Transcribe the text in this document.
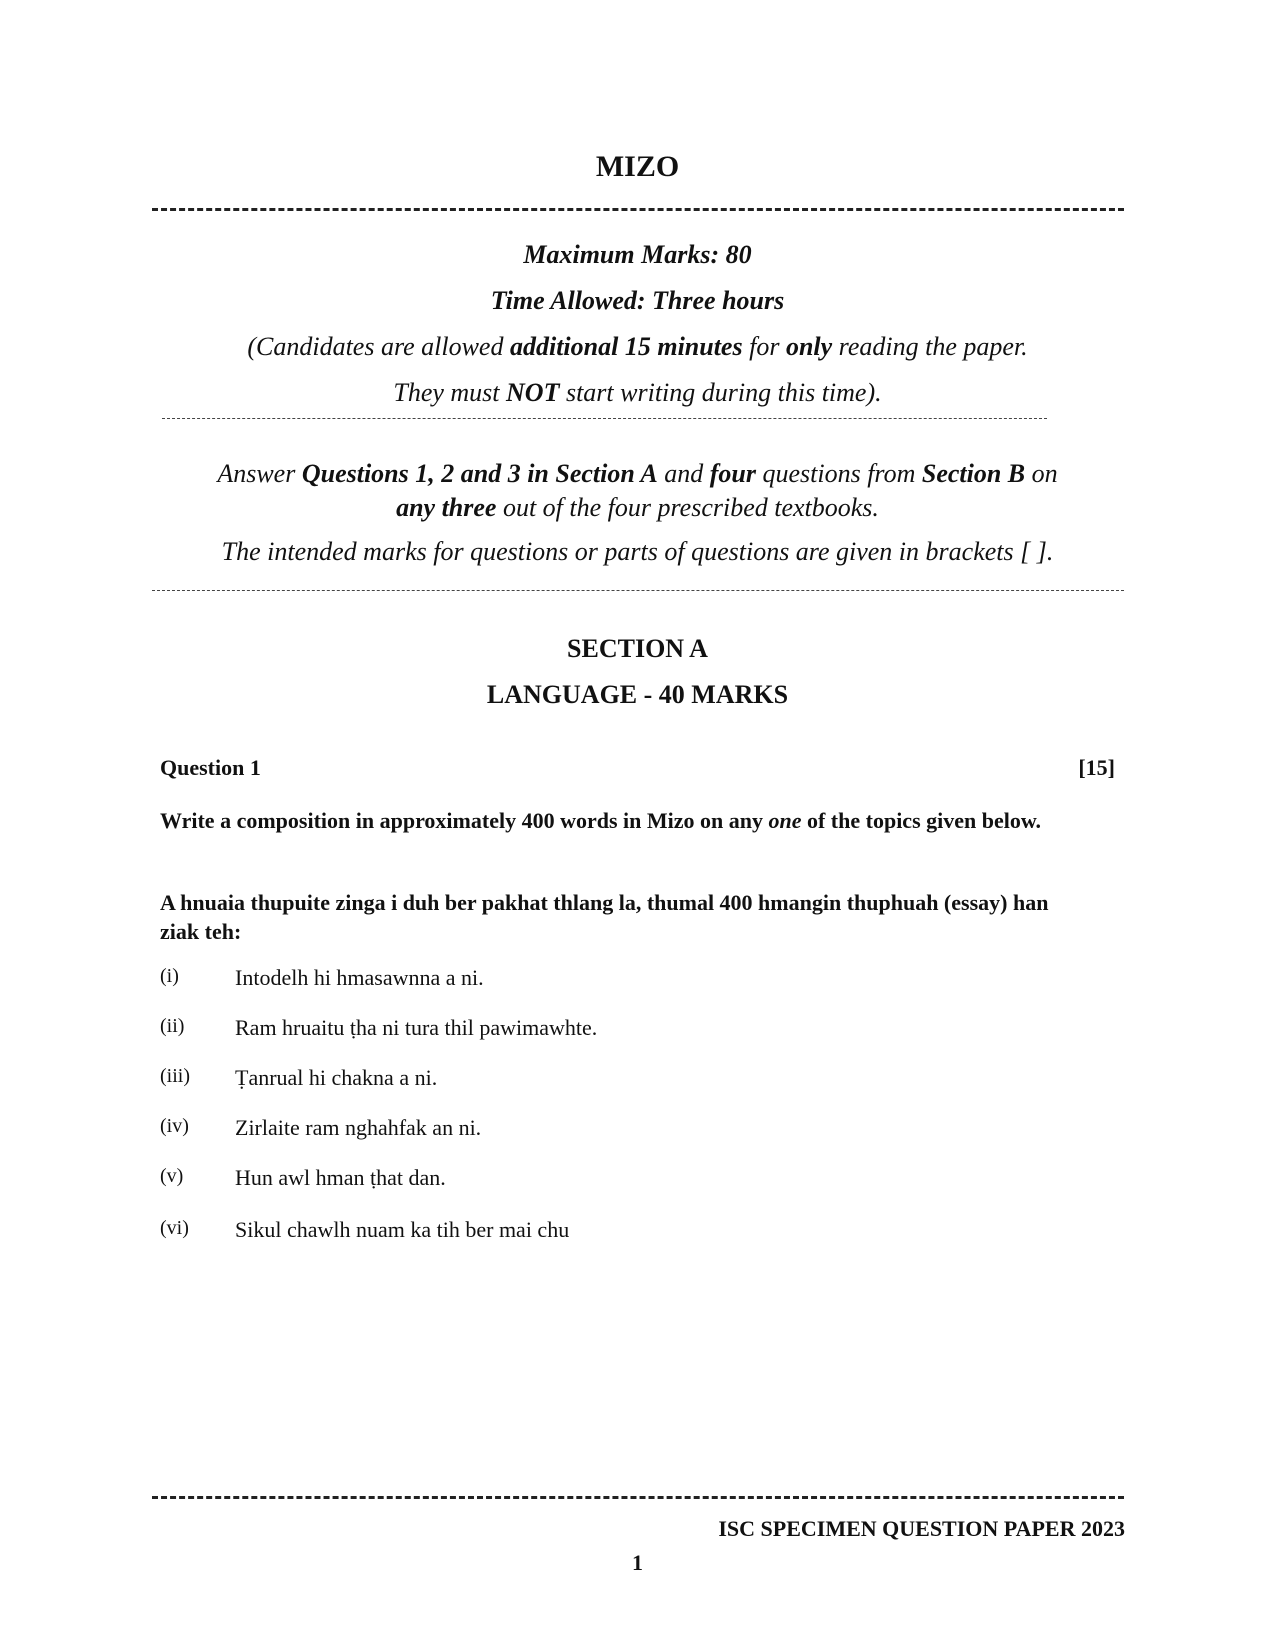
MIZO
Maximum Marks: 80
Time Allowed: Three hours
(Candidates are allowed additional 15 minutes for only reading the paper.
They must NOT start writing during this time).
Answer Questions 1, 2 and 3 in Section A and four questions from Section B on
any three out of the four prescribed textbooks.
The intended marks for questions or parts of questions are given in brackets [ ].
SECTION A
LANGUAGE - 40 MARKS
Question 1	[15]
Write a composition in approximately 400 words in Mizo on any one of the topics given below.
A hnuaia thupuite zinga i duh ber pakhat thlang la, thumal 400 hmangin thuphuah (essay) han ziak teh:
(i)	Intodelh hi hmasawnna a ni.
(ii) Ram hruaitu ṭha ni tura thil pawimawhte.
(iii) Ṭanrual hi chakna a ni.
(iv) Zirlaite ram nghahfak an ni.
(v) Hun awl hman ṭhat dan.
(vi) Sikul chawlh nuam ka tih ber mai chu
ISC SPECIMEN QUESTION PAPER 2023
1
